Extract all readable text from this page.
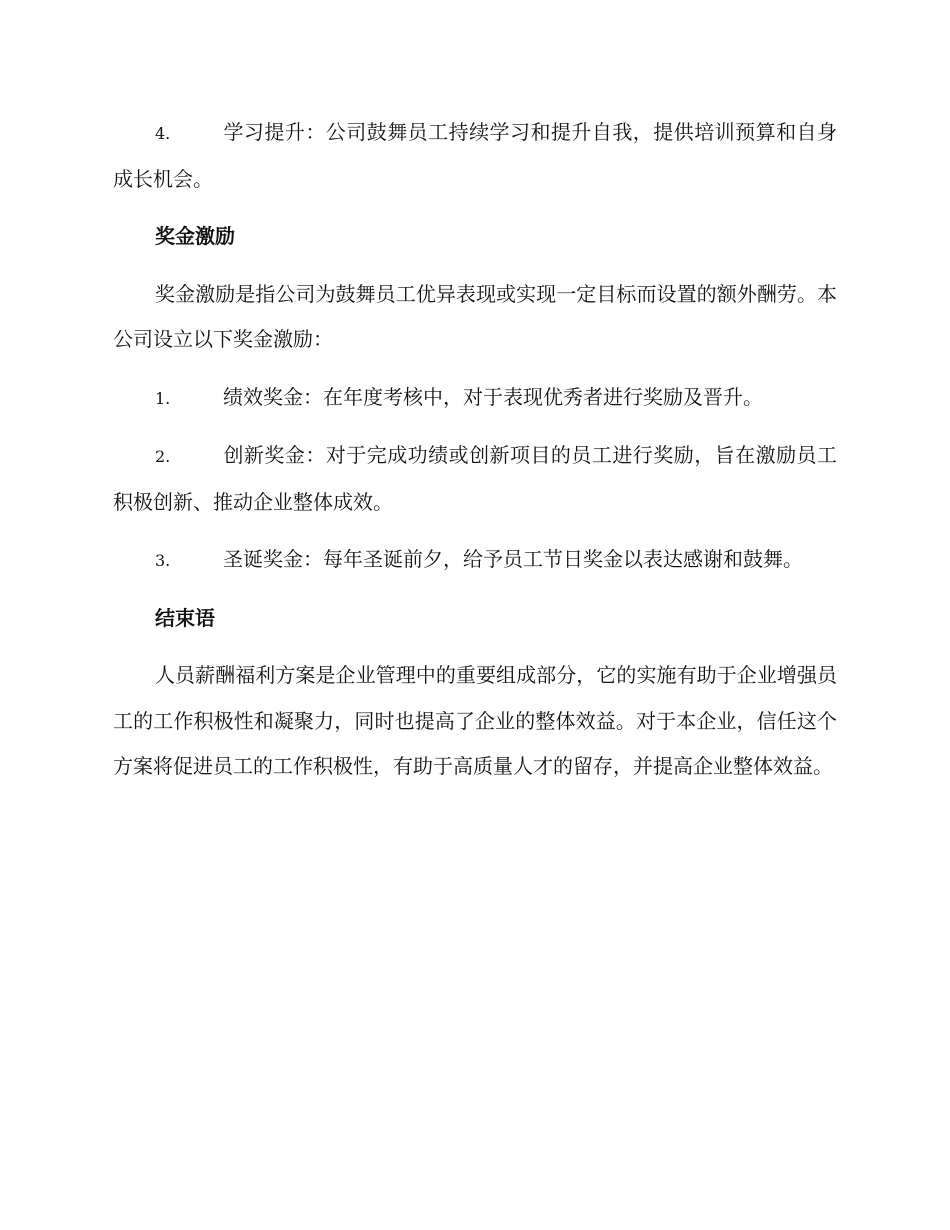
4.	学习提升：公司鼓舞员工持续学习和提升自我，提供培训预算和自身成长机会。

奖金激励

奖金激励是指公司为鼓舞员工优异表现或实现一定目标而设置的额外酬劳。本公司设立以下奖金激励：

1.	绩效奖金：在年度考核中，对于表现优秀者进行奖励及晋升。

2.	创新奖金：对于完成功绩或创新项目的员工进行奖励，旨在激励员工积极创新、推动企业整体成效。

3.	圣诞奖金：每年圣诞前夕，给予员工节日奖金以表达感谢和鼓舞。

结束语

人员薪酬福利方案是企业管理中的重要组成部分，它的实施有助于企业增强员工的工作积极性和凝聚力，同时也提高了企业的整体效益。对于本企业，信任这个方案将促进员工的工作积极性，有助于高质量人才的留存，并提高企业整体效益。
